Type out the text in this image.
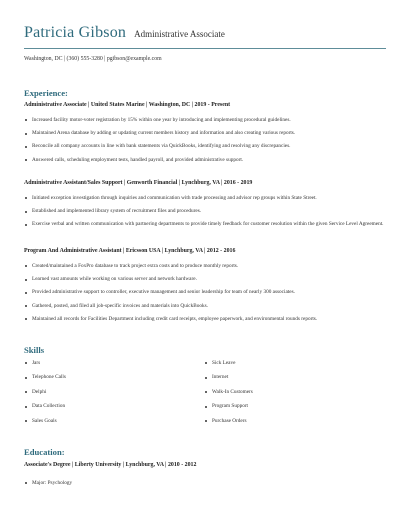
Patricia Gibson Administrative Associate
Washington, DC | (360) 555-3280 | pgibson@example.com
Experience:
Administrative Associate | United States Marine | Washington, DC | 2019 - Present
Increased facility motor-voter registration by 15% within one year by introducing and implementing procedural guidelines.
Maintained Arena database by adding or updating current members history and information and also creating various reports.
Reconcile all company accounts in line with bank statements via QuickBooks, identifying and resolving any discrepancies.
Answered calls, scheduling employment tests, handled payroll, and provided administrative support.
Administrative Assistant/Sales Support | Genworth Financial | Lynchburg, VA | 2016 - 2019
Initiated exception investigation through inquiries and communication with trade processing and advisor rep groups within State Street.
Established and implemented library system of recruitment files and procedures.
Exercise verbal and written communication with partnering departments to provide timely feedback for customer resolution within the given Service Level Agreement.
Program And Administrative Assistant | Ericsson USA | Lynchburg, VA | 2012 - 2016
Created/maintained a FoxPro database to track project extra costs and to produce monthly reports.
Learned vast amounts while working on various server and network hardware.
Provided administrative support to controller, executive management and senior leadership for team of nearly 300 associates.
Gathered, posted, and filed all job-specific invoices and materials into QuickBooks.
Maintained all records for Facilities Department including credit card receipts, employee paperwork, and environmental rounds reports.
Skills
Jars
Telephone Calls
Delphi
Data Collection
Sales Goals
Sick Leave
Internet
Walk-In Customers
Program Support
Purchase Orders
Education:
Associate's Degree | Liberty University | Lynchburg, VA | 2010 - 2012
Major: Psychology
